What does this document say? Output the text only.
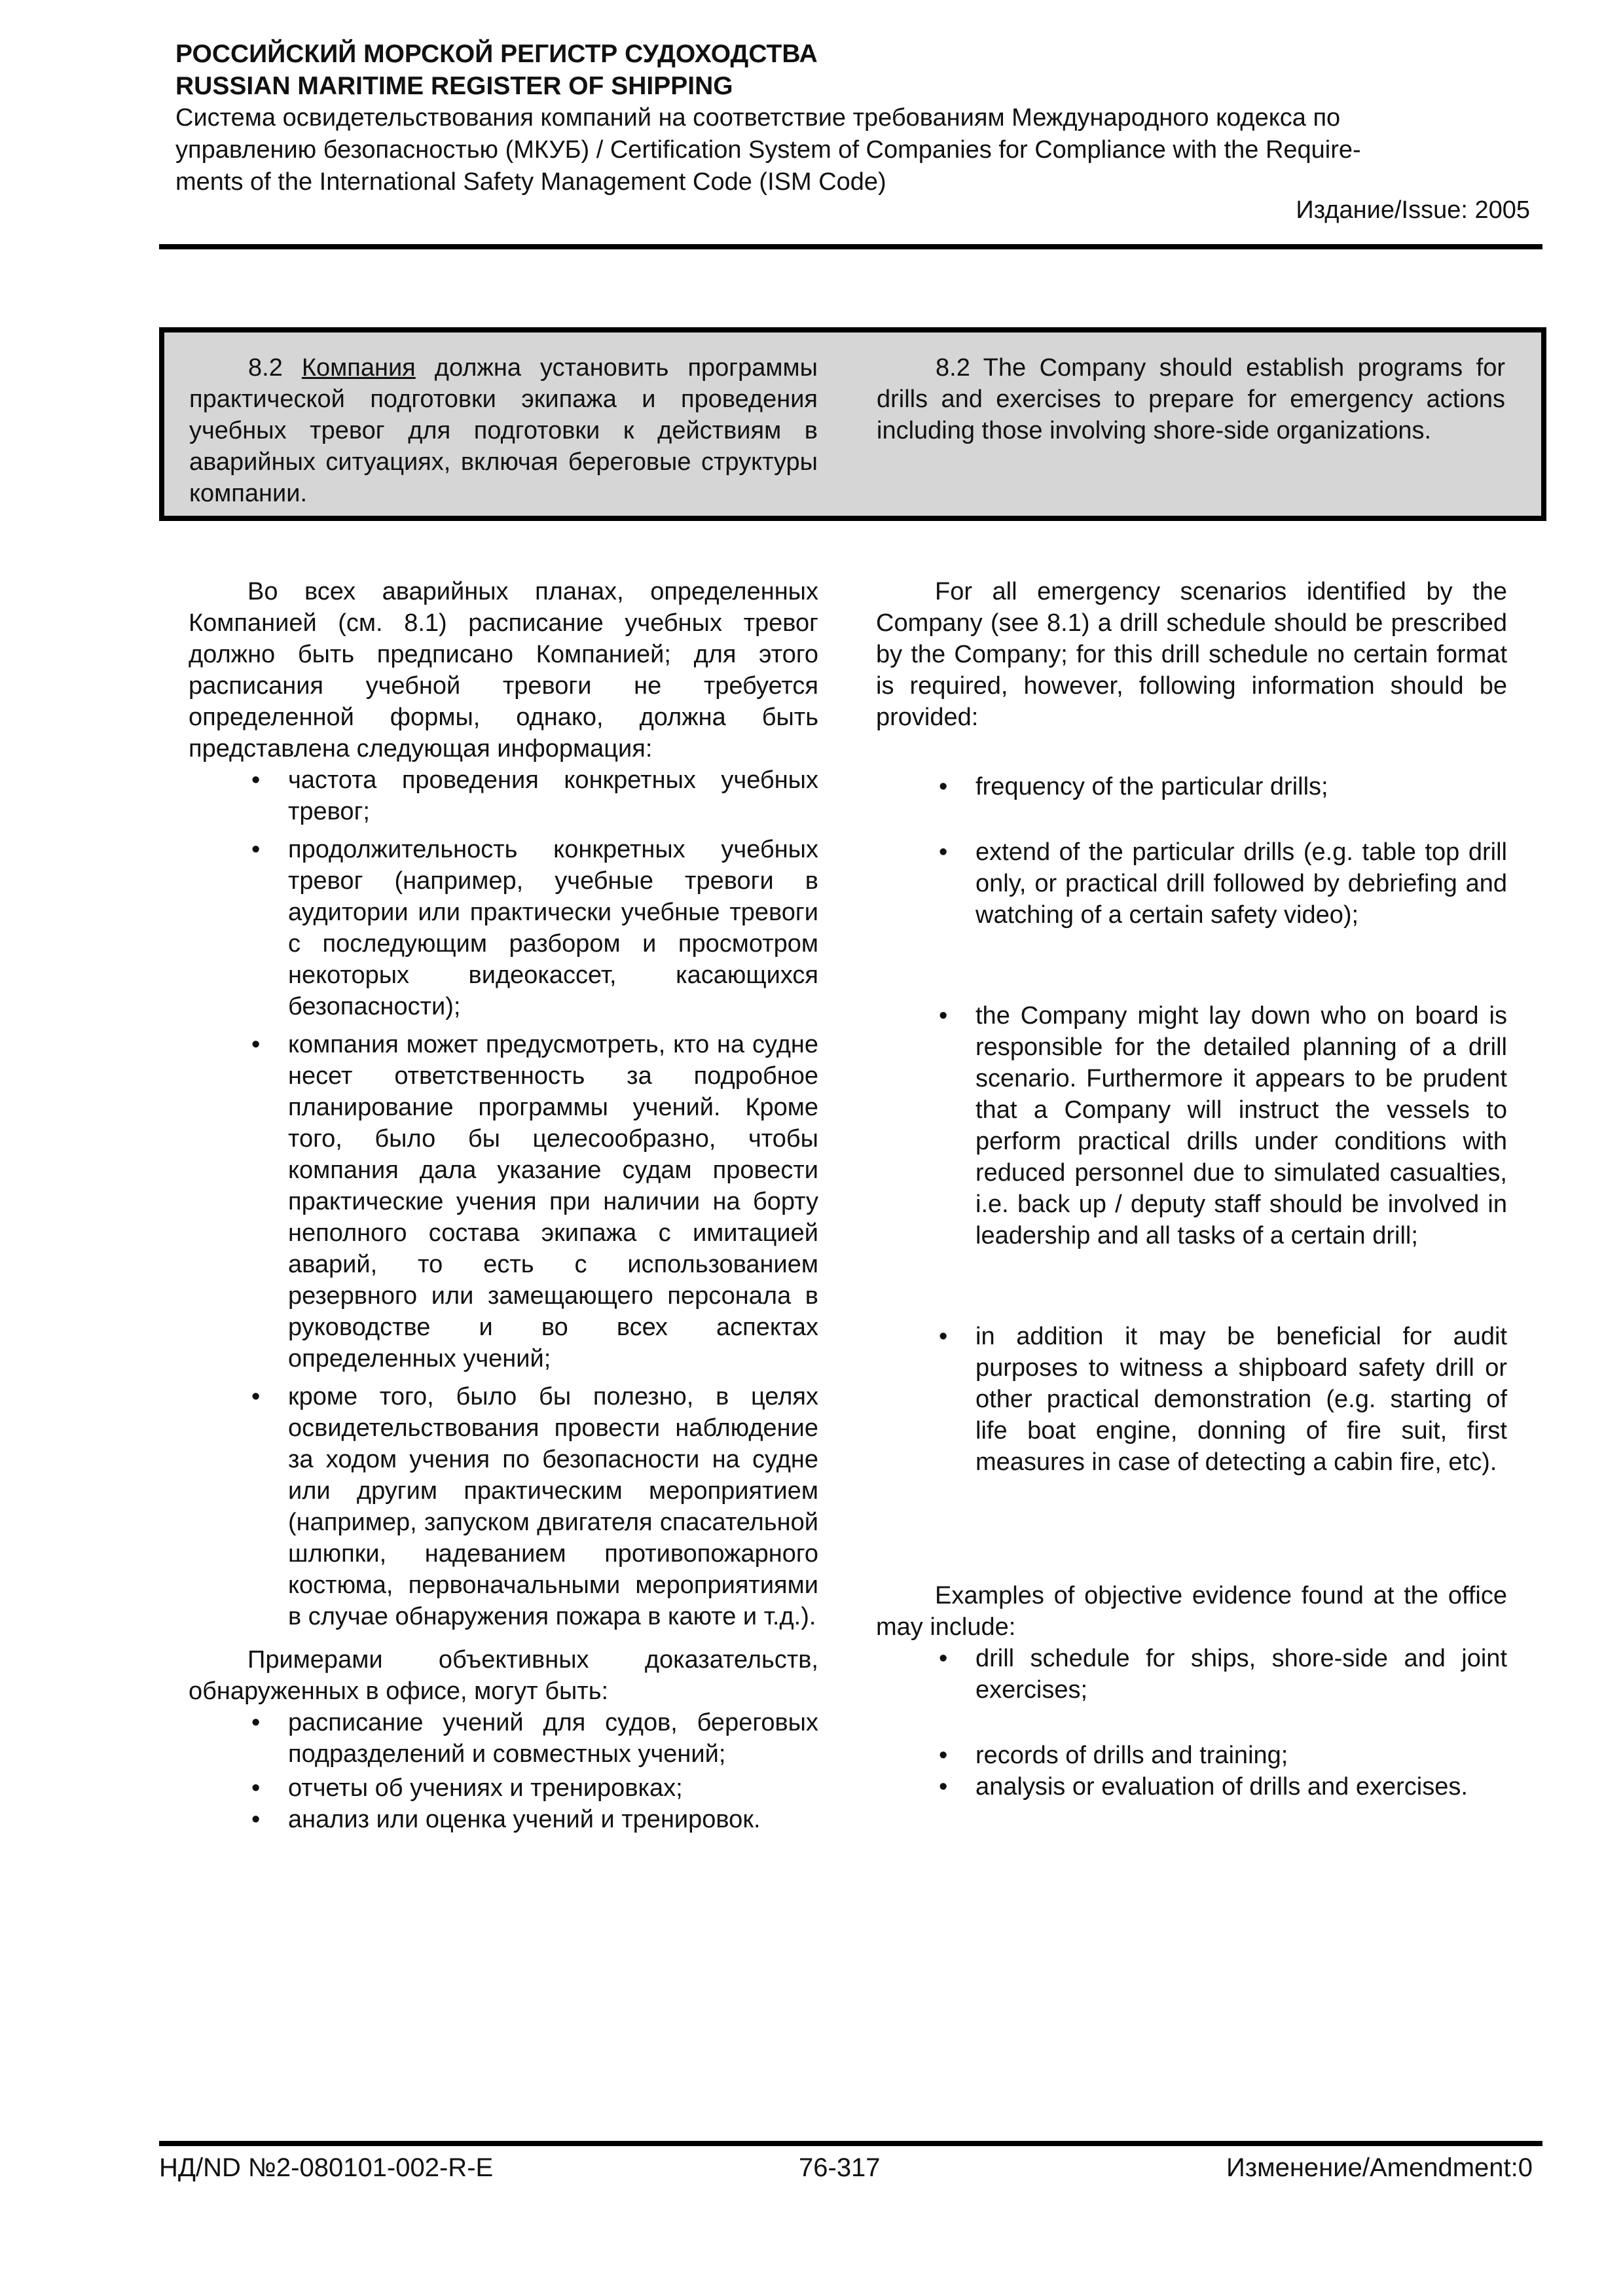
РОССИЙСКИЙ МОРСКОЙ РЕГИСТР СУДОХОДСТВА
RUSSIAN MARITIME REGISTER OF SHIPPING
Система освидетельствования компаний на соответствие требованиям Международного кодекса по
управлению безопасностью (МКУБ) / Certification System of Companies for Compliance with the Require-
ments of the International Safety Management Code (ISM Code)
Издание/Issue: 2005
8.2 Компания должна установить программы практической подготовки экипажа и проведения учебных тревог для подготовки к действиям в аварийных ситуациях, включая береговые структуры компании.
8.2 The Company should establish programs for drills and exercises to prepare for emergency actions including those involving shore-side organizations.

Во всех аварийных планах, определенных Компанией (см. 8.1) расписание учебных тревог должно быть предписано Компанией; для этого расписания учебной тревоги не требуется определенной формы, однако, должна быть представлена следующая информация:

• частота проведения конкретных учебных тревог;
• продолжительность конкретных учебных тревог (например, учебные тревоги в аудитории или практически учебные тревоги с последующим разбором и просмотром некоторых видеокассет, касающихся безопасности);
• компания может предусмотреть, кто на судне несет ответственность за подробное планирование программы учений. Кроме того, было бы целесообразно, чтобы компания дала указание судам провести практические учения при наличии на борту неполного состава экипажа с имитацией аварий, то есть с использованием резервного или замещающего персонала в руководстве и во всех аспектах определенных учений;
• кроме того, было бы полезно, в целях освидетельствования провести наблюдение за ходом учения по безопасности на судне или другим практическим мероприятием (например, запуском двигателя спасательной шлюпки, надеванием противопожарного костюма, первоначальными мероприятиями в случае обнаружения пожара в каюте и т.д.).

Примерами объективных доказательств, обнаруженных в офисе, могут быть:

• расписание учений для судов, береговых подразделений и совместных учений;
• отчеты об учениях и тренировках;
• анализ или оценка учений и тренировок.

For all emergency scenarios identified by the Company (see 8.1) a drill schedule should be prescribed by the Company; for this drill schedule no certain format is required, however, following information should be provided:

• frequency of the particular drills;
• extend of the particular drills (e.g. table top drill only, or practical drill followed by debriefing and watching of a certain safety video);
• the Company might lay down who on board is responsible for the detailed planning of a drill scenario. Furthermore it appears to be prudent that a Company will instruct the vessels to perform practical drills under conditions with reduced personnel due to simulated casualties, i.e. back up / deputy staff should be involved in leadership and all tasks of a certain drill;
• in addition it may be beneficial for audit purposes to witness a shipboard safety drill or other practical demonstration (e.g. starting of life boat engine, donning of fire suit, first measures in case of detecting a cabin fire, etc).

Examples of objective evidence found at the office may include:

• drill schedule for ships, shore-side and joint exercises;
• records of drills and training;
• analysis or evaluation of drills and exercises.
НД/ND №2-080101-002-R-E	76-317	Изменение/Amendment:0
